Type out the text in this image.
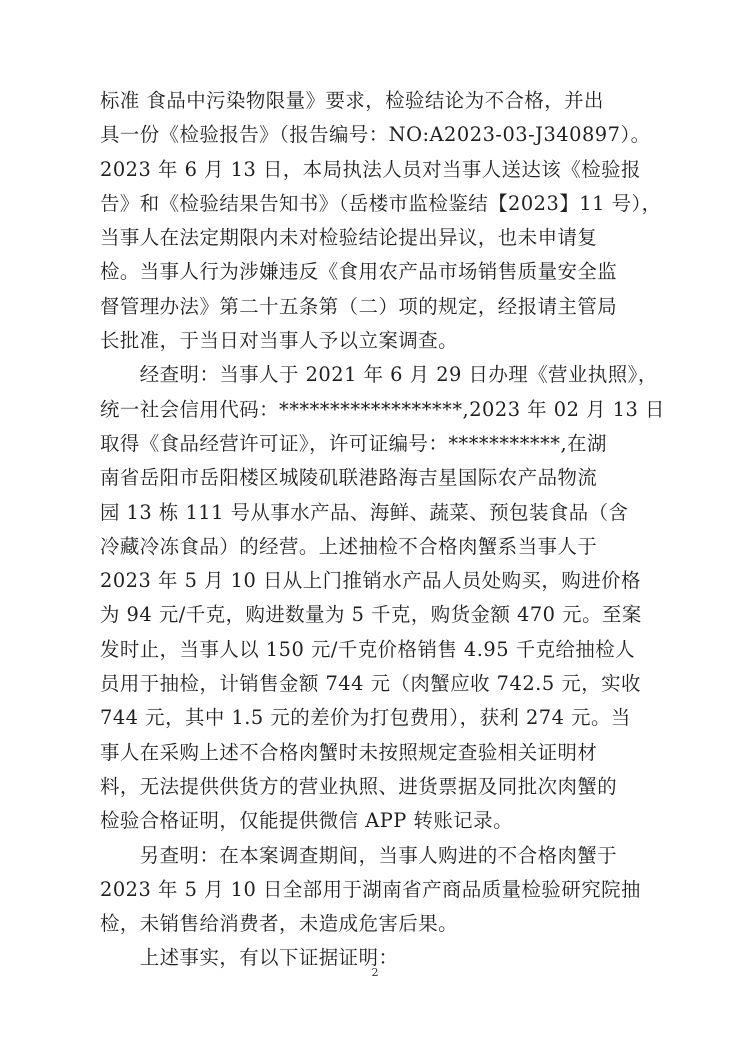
标准 食品中污染物限量》要求，检验结论为不合格，并出
具一份《检验报告》（报告编号：NO:A2023-03-J340897）。
2023 年 6 月 13 日，本局执法人员对当事人送达该《检验报
告》和《检验结果告知书》（岳楼市监检鉴结【2023】11 号），
当事人在法定期限内未对检验结论提出异议，也未申请复
检。当事人行为涉嫌违反《食用农产品市场销售质量安全监
督管理办法》第二十五条第（二）项的规定，经报请主管局
长批准，于当日对当事人予以立案调查。
　　经查明：当事人于 2021 年 6 月 29 日办理《营业执照》，
统一社会信用代码：******************,2023 年 02 月 13 日
取得《食品经营许可证》，许可证编号：***********,在湖
南省岳阳市岳阳楼区城陵矶联港路海吉星国际农产品物流
园 13 栋 111 号从事水产品、海鲜、蔬菜、预包装食品（含
冷藏冷冻食品）的经营。上述抽检不合格肉蟹系当事人于
2023 年 5 月 10 日从上门推销水产品人员处购买，购进价格
为 94 元/千克，购进数量为 5 千克，购货金额 470 元。至案
发时止，当事人以 150 元/千克价格销售 4.95 千克给抽检人
员用于抽检，计销售金额 744 元（肉蟹应收 742.5 元，实收
744 元，其中 1.5 元的差价为打包费用），获利 274 元。当
事人在采购上述不合格肉蟹时未按照规定查验相关证明材
料，无法提供供货方的营业执照、进货票据及同批次肉蟹的
检验合格证明，仅能提供微信 APP 转账记录。
　　另查明：在本案调查期间，当事人购进的不合格肉蟹于
2023 年 5 月 10 日全部用于湖南省产商品质量检验研究院抽
检，未销售给消费者，未造成危害后果。
　　上述事实，有以下证据证明：
2
